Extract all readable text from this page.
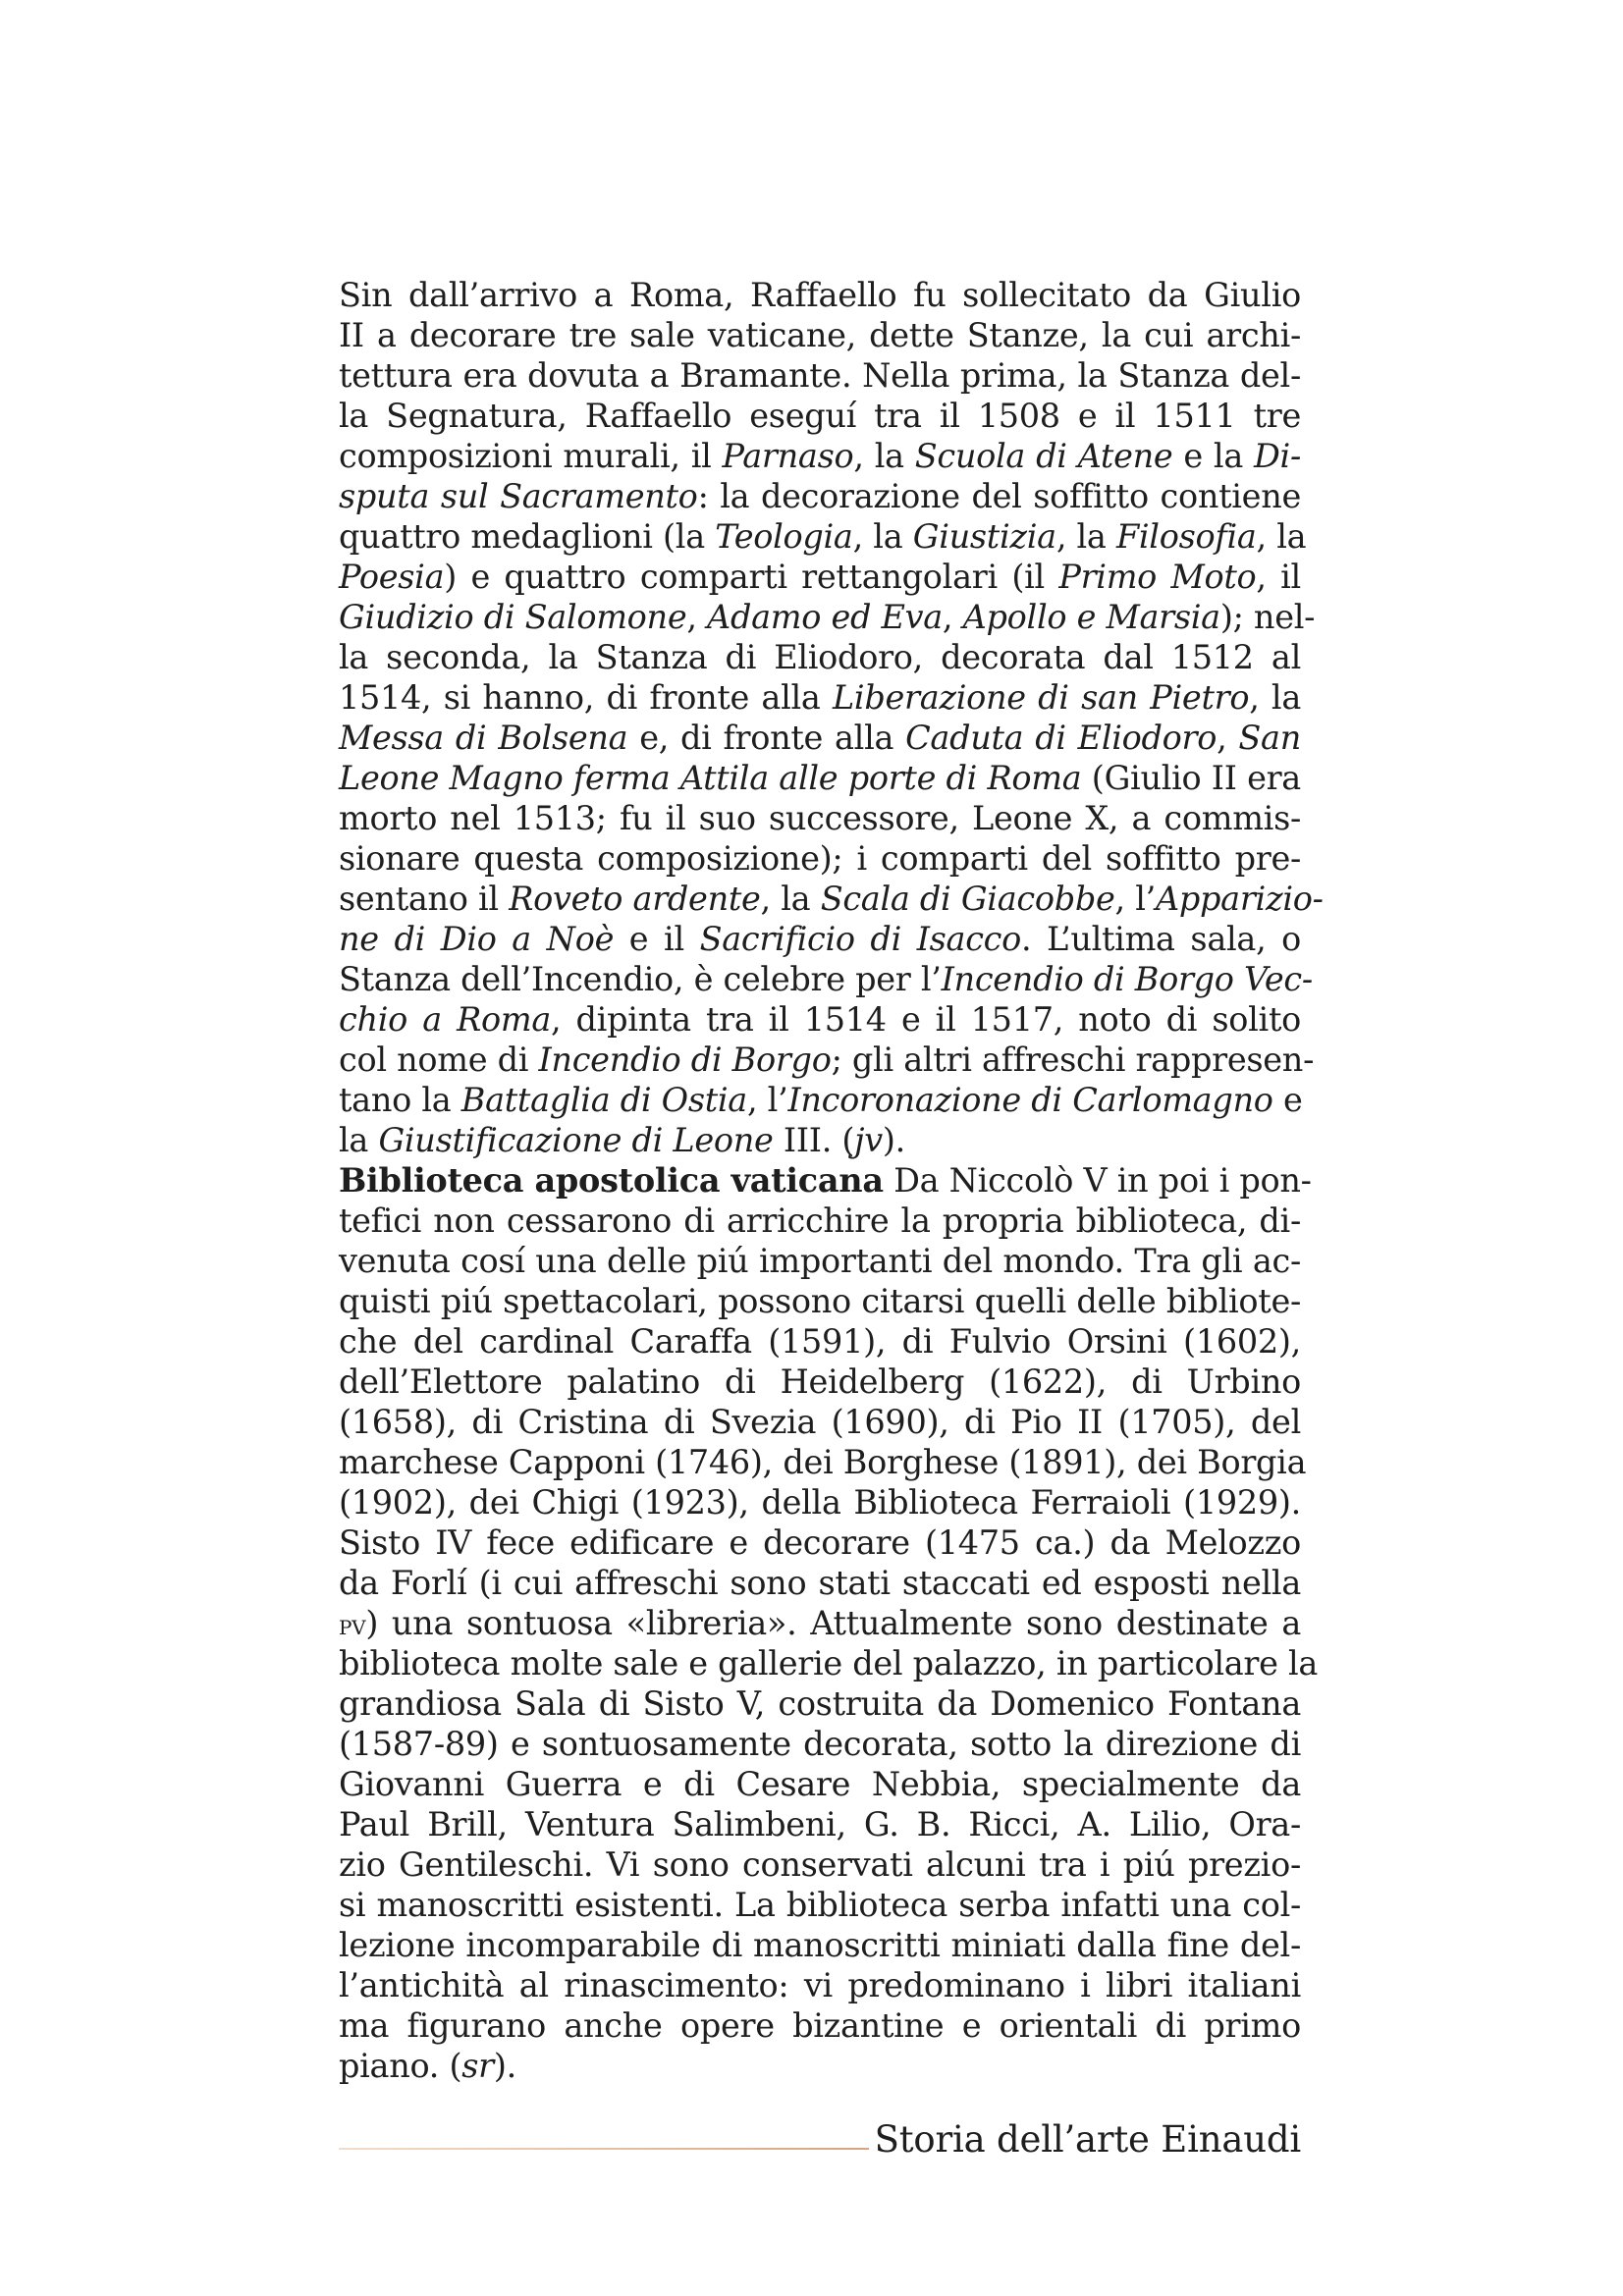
Sin dall’arrivo a Roma, Raffaello fu sollecitato da Giulio
II a decorare tre sale vaticane, dette Stanze, la cui archi-
tettura era dovuta a Bramante. Nella prima, la Stanza del-
la Segnatura, Raffaello eseguí tra il 1508 e il 1511 tre
composizioni murali, il Parnaso, la Scuola di Atene e la Di-
sputa sul Sacramento: la decorazione del soffitto contiene
quattro medaglioni (la Teologia, la Giustizia, la Filosofia, la
Poesia) e quattro comparti rettangolari (il Primo Moto, il
Giudizio di Salomone, Adamo ed Eva, Apollo e Marsia); nel-
la seconda, la Stanza di Eliodoro, decorata dal 1512 al
1514, si hanno, di fronte alla Liberazione di san Pietro, la
Messa di Bolsena e, di fronte alla Caduta di Eliodoro, San
Leone Magno ferma Attila alle porte di Roma (Giulio II era
morto nel 1513; fu il suo successore, Leone X, a commis-
sionare questa composizione); i comparti del soffitto pre-
sentano il Roveto ardente, la Scala di Giacobbe, l’Apparizio-
ne di Dio a Noè e il Sacrificio di Isacco. L’ultima sala, o
Stanza dell’Incendio, è celebre per l’Incendio di Borgo Vec-
chio a Roma, dipinta tra il 1514 e il 1517, noto di solito
col nome di Incendio di Borgo; gli altri affreschi rappresen-
tano la Battaglia di Ostia, l’Incoronazione di Carlomagno e
la Giustificazione di Leone III. (jv).
Biblioteca apostolica vaticana Da Niccolò V in poi i pon-
tefici non cessarono di arricchire la propria biblioteca, di-
venuta cosí una delle piú importanti del mondo. Tra gli ac-
quisti piú spettacolari, possono citarsi quelli delle bibliote-
che del cardinal Caraffa (1591), di Fulvio Orsini (1602),
dell’Elettore palatino di Heidelberg (1622), di Urbino
(1658), di Cristina di Svezia (1690), di Pio II (1705), del
marchese Capponi (1746), dei Borghese (1891), dei Borgia
(1902), dei Chigi (1923), della Biblioteca Ferraioli (1929).
Sisto IV fece edificare e decorare (1475 ca.) da Melozzo
da Forlí (i cui affreschi sono stati staccati ed esposti nella
pv) una sontuosa «libreria». Attualmente sono destinate a
biblioteca molte sale e gallerie del palazzo, in particolare la
grandiosa Sala di Sisto V, costruita da Domenico Fontana
(1587-89) e sontuosamente decorata, sotto la direzione di
Giovanni Guerra e di Cesare Nebbia, specialmente da
Paul Brill, Ventura Salimbeni, G. B. Ricci, A. Lilio, Ora-
zio Gentileschi. Vi sono conservati alcuni tra i piú prezio-
si manoscritti esistenti. La biblioteca serba infatti una col-
lezione incomparabile di manoscritti miniati dalla fine del-
l’antichità al rinascimento: vi predominano i libri italiani
ma figurano anche opere bizantine e orientali di primo
piano. (sr).
Storia dell’arte Einaudi
